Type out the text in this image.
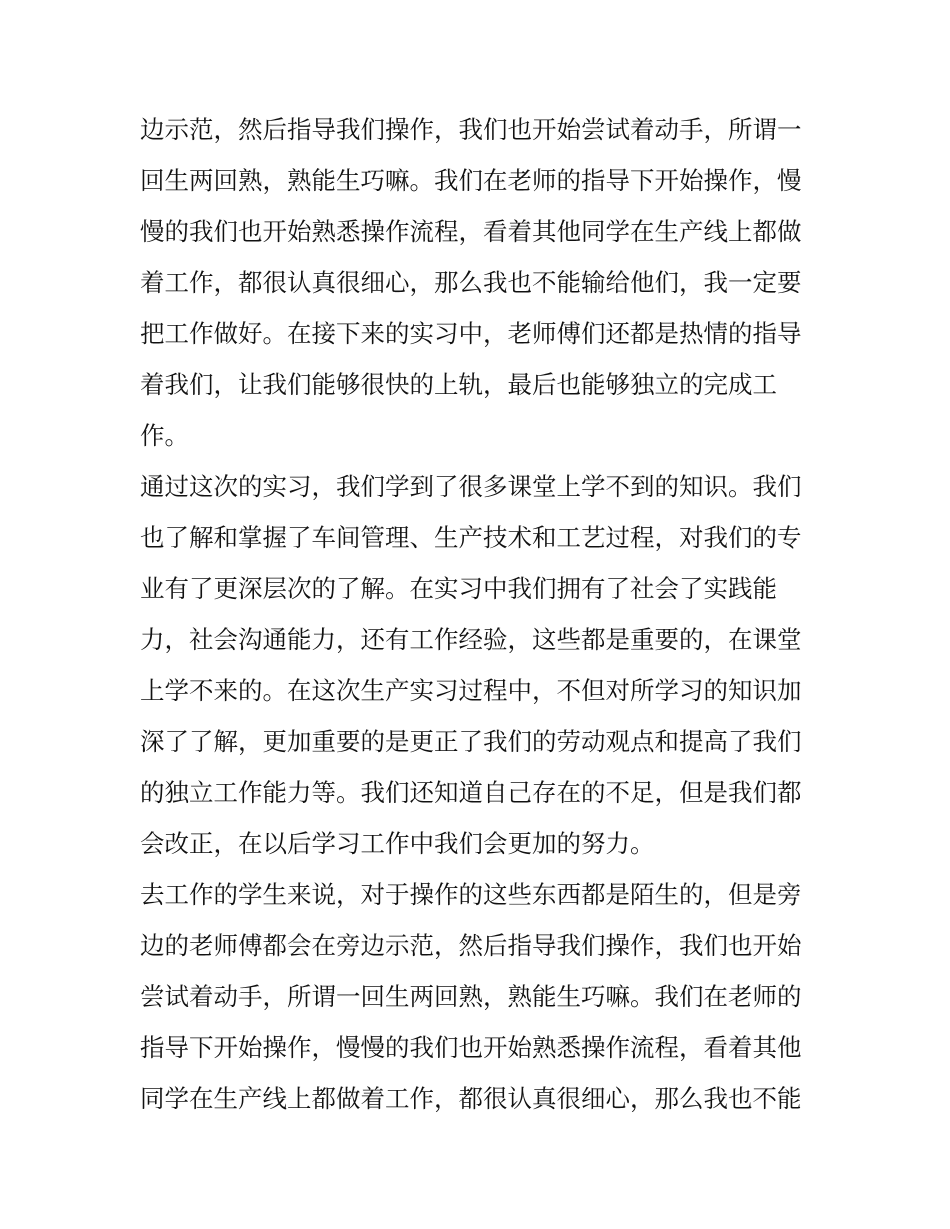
边示范，然后指导我们操作，我们也开始尝试着动手，所谓一
回生两回熟，熟能生巧嘛。我们在老师的指导下开始操作，慢
慢的我们也开始熟悉操作流程，看着其他同学在生产线上都做
着工作，都很认真很细心，那么我也不能输给他们，我一定要
把工作做好。在接下来的实习中，老师傅们还都是热情的指导
着我们，让我们能够很快的上轨，最后也能够独立的完成工
作。
通过这次的实习，我们学到了很多课堂上学不到的知识。我们
也了解和掌握了车间管理、生产技术和工艺过程，对我们的专
业有了更深层次的了解。在实习中我们拥有了社会了实践能
力，社会沟通能力，还有工作经验，这些都是重要的，在课堂
上学不来的。在这次生产实习过程中，不但对所学习的知识加
深了了解，更加重要的是更正了我们的劳动观点和提高了我们
的独立工作能力等。我们还知道自己存在的不足，但是我们都
会改正，在以后学习工作中我们会更加的努力。
去工作的学生来说，对于操作的这些东西都是陌生的，但是旁
边的老师傅都会在旁边示范，然后指导我们操作，我们也开始
尝试着动手，所谓一回生两回熟，熟能生巧嘛。我们在老师的
指导下开始操作，慢慢的我们也开始熟悉操作流程，看着其他
同学在生产线上都做着工作，都很认真很细心，那么我也不能
